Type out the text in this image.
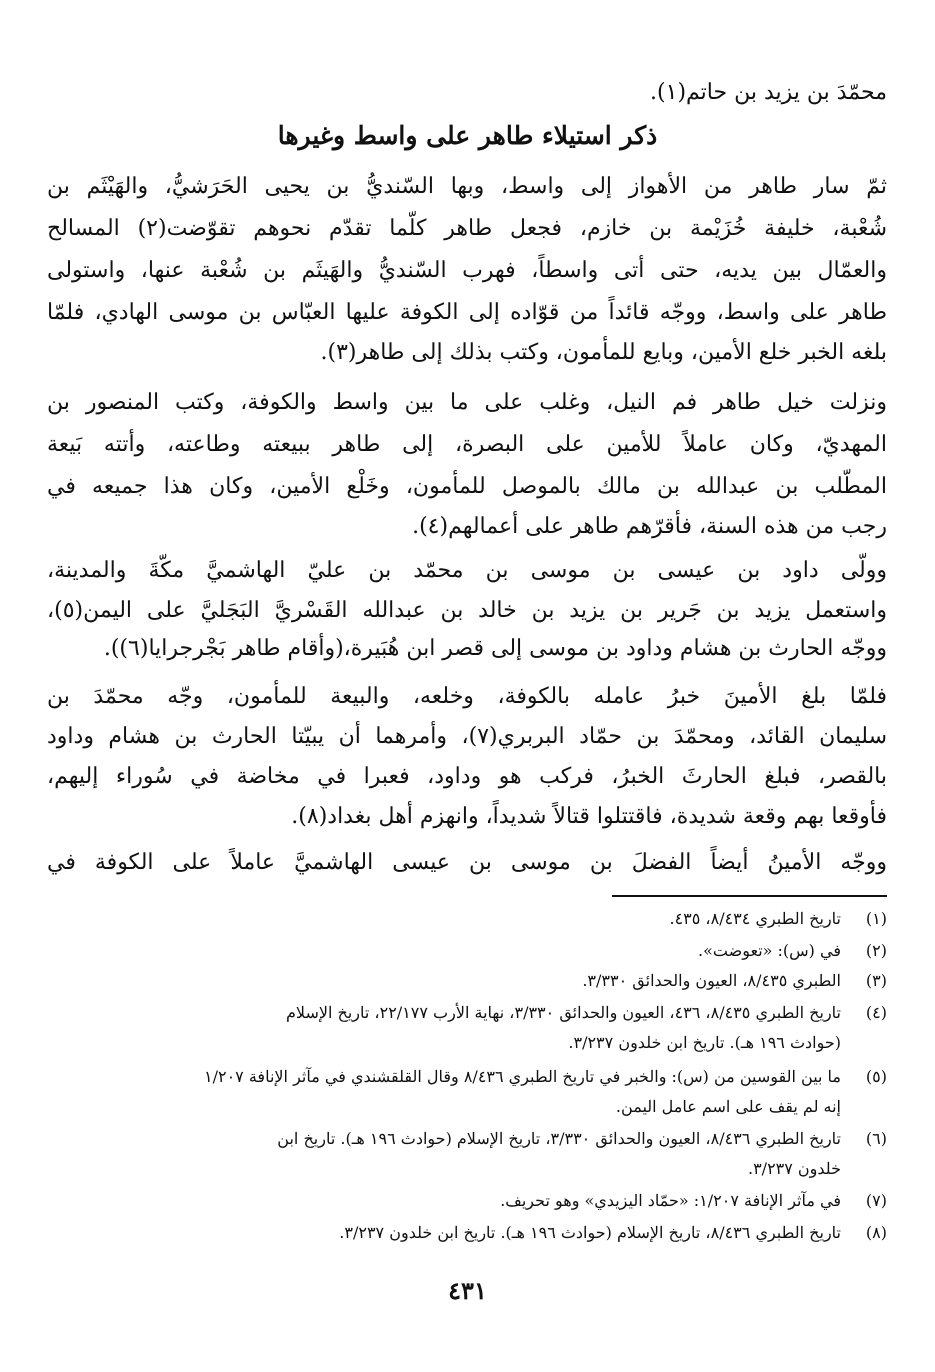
محمّدَ بن يزيد بن حاتم(١).
ذكر استيلاء طاهر على واسط وغيرها
ثمّ سار طاهر من الأهواز إلى واسط، وبها السّنديُّ بن يحيى الحَرَشيُّ، والهَيْثَم بن
شُعْبة، خليفة خُزَيْمة بن خازم، فجعل طاهر كلّما تقدّم نحوهم تقوّضت(٢) المسالح
والعمّال بين يديه، حتى أتى واسطاً، فهرب السّنديُّ والهَيثَم بن شُعْبة عنها، واستولى
طاهر على واسط، ووجّه قائداً من قوّاده إلى الكوفة عليها العبّاس بن موسى الهادي، فلمّا
بلغه الخبر خلع الأمين، وبايع للمأمون، وكتب بذلك إلى طاهر(٣).
ونزلت خيل طاهر فم النيل، وغلب على ما بين واسط والكوفة، وكتب المنصور بن
المهديّ، وكان عاملاً للأمين على البصرة، إلى طاهر ببيعته وطاعته، وأتته بَيعة
المطّلب بن عبدالله بن مالك بالموصل للمأمون، وخَلْع الأمين، وكان هذا جميعه في
رجب من هذه السنة، فأقرّهم طاهر على أعمالهم(٤).
وولّى داود بن عيسى بن موسى بن محمّد بن عليّ الهاشميَّ مكّةَ والمدينة،
واستعمل يزيد بن جَرير بن يزيد بن خالد بن عبدالله القَسْريَّ البَجَليَّ على اليمن(٥)،
ووجّه الحارث بن هشام وداود بن موسى إلى قصر ابن هُبَيرة،(وأقام طاهر بَجْرجرايا(٦)).
فلمّا بلغ الأمينَ خبرُ عامله بالكوفة، وخلعه، والبيعة للمأمون، وجّه محمّدَ بن
سليمان القائد، ومحمّدَ بن حمّاد البربري(٧)، وأمرهما أن يبيّتا الحارث بن هشام وداود
بالقصر، فبلغ الحارثَ الخبرُ، فركب هو وداود، فعبرا في مخاضة في سُوراء إليهم،
فأوقعا بهم وقعة شديدة، فاقتتلوا قتالاً شديداً، وانهزم أهل بغداد(٨).
ووجّه الأمينُ أيضاً الفضلَ بن موسى بن عيسى الهاشميَّ عاملاً على الكوفة في
(١)
تاريخ الطبري ٨/٤٣٤، ٤٣٥.
(٢)
في (س): «تعوضت».
(٣)
الطبري ٨/٤٣٥، العيون والحدائق ٣/٣٣٠.
(٤)
تاريخ الطبري ٨/٤٣٥، ٤٣٦، العيون والحدائق ٣/٣٣٠، نهاية الأرب ٢٢/١٧٧، تاريخ الإسلام
(حوادث ١٩٦ هـ). تاريخ ابن خلدون ٣/٢٣٧.
(٥)
ما بين القوسين من (س): والخبر في تاريخ الطبري ٨/٤٣٦ وقال القلقشندي في مآثر الإنافة ١/٢٠٧
إنه لم يقف على اسم عامل اليمن.
(٦)
تاريخ الطبري ٨/٤٣٦، العيون والحدائق ٣/٣٣٠، تاريخ الإسلام (حوادث ١٩٦ هـ). تاريخ ابن
خلدون ٣/٢٣٧.
(٧)
في مآثر الإنافة ١/٢٠٧: «حمّاد اليزيدي» وهو تحريف.
(٨)
تاريخ الطبري ٨/٤٣٦، تاريخ الإسلام (حوادث ١٩٦ هـ). تاريخ ابن خلدون ٣/٢٣٧.
٤٣١
